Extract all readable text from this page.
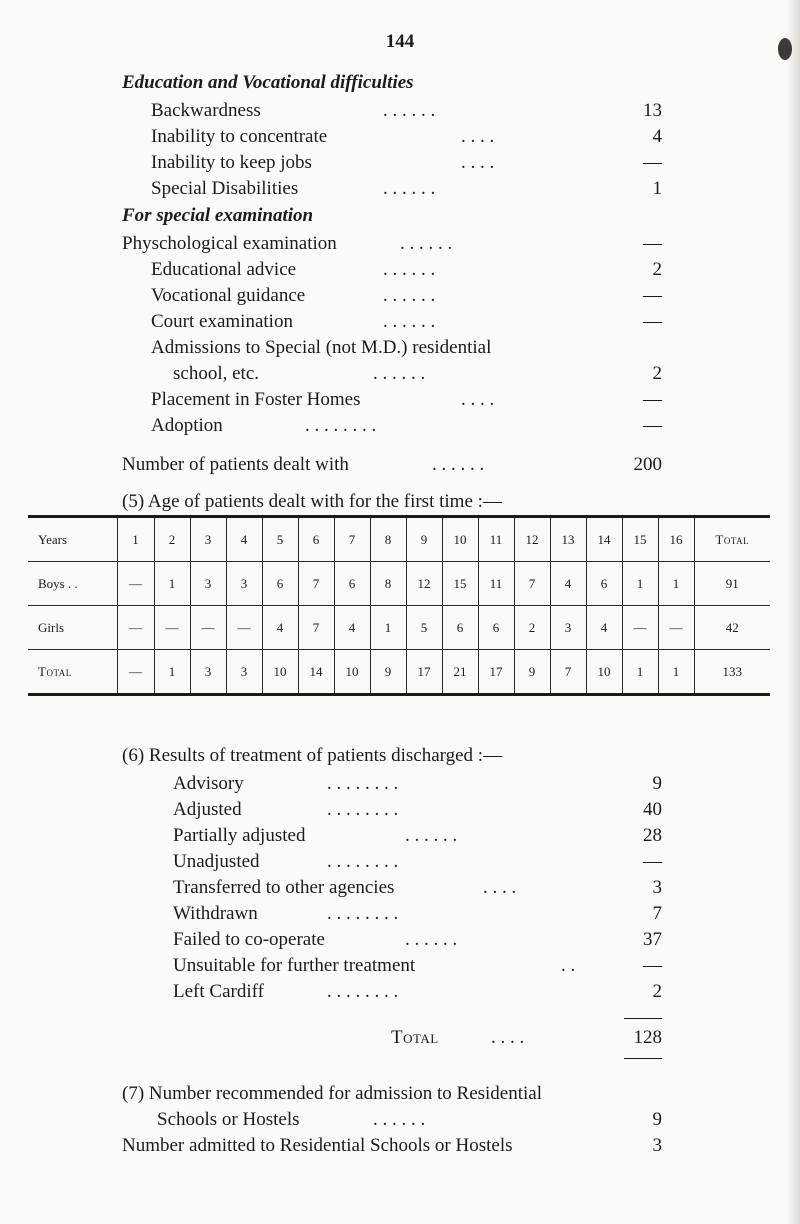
144
Education and Vocational difficulties
Backwardness	. . . . . .	13
Inability to concentrate	. . . .	4
Inability to keep jobs	. . . .	—
Special Disabilities	. . . . . .	1
For special examination
Physchological examination	. . . . . .	—
Educational advice	. . . . . .	2
Vocational guidance	. . . . . .	—
Court examination	. . . . . .	—
Admissions to Special (not M.D.) residential
school, etc.	. . . . . .	2
Placement in Foster Homes	. . . .	—
Adoption	. . . . . . . .	—
Number of patients dealt with	. . . . . .	200
(5) Age of patients dealt with for the first time :—
Years	1	2	3	4	5	6	7	8	9	10	11	12	13	14	15	16	Total
Boys . .	—	1	3	3	6	7	6	8	12	15	11	7	4	6	1	1	91
Girls	—	—	—	—	4	7	4	1	5	6	6	2	3	4	—	—	42
Total	—	1	3	3	10	14	10	9	17	21	17	9	7	10	1	1	133
(6) Results of treatment of patients discharged :—
Advisory	. . . . . . . .	9
Adjusted	. . . . . . . .	40
Partially adjusted	. . . . . .	28
Unadjusted	. . . . . . . .	—
Transferred to other agencies	. . . .	3
Withdrawn	. . . . . . . .	7
Failed to co-operate	. . . . . .	37
Unsuitable for further treatment	. .	—
Left Cardiff	. . . . . . . .	2
Total	. . . .	128
(7) Number recommended for admission to Residential
Schools or Hostels	. . . . . .	9
Number admitted to Residential Schools or Hostels	3
